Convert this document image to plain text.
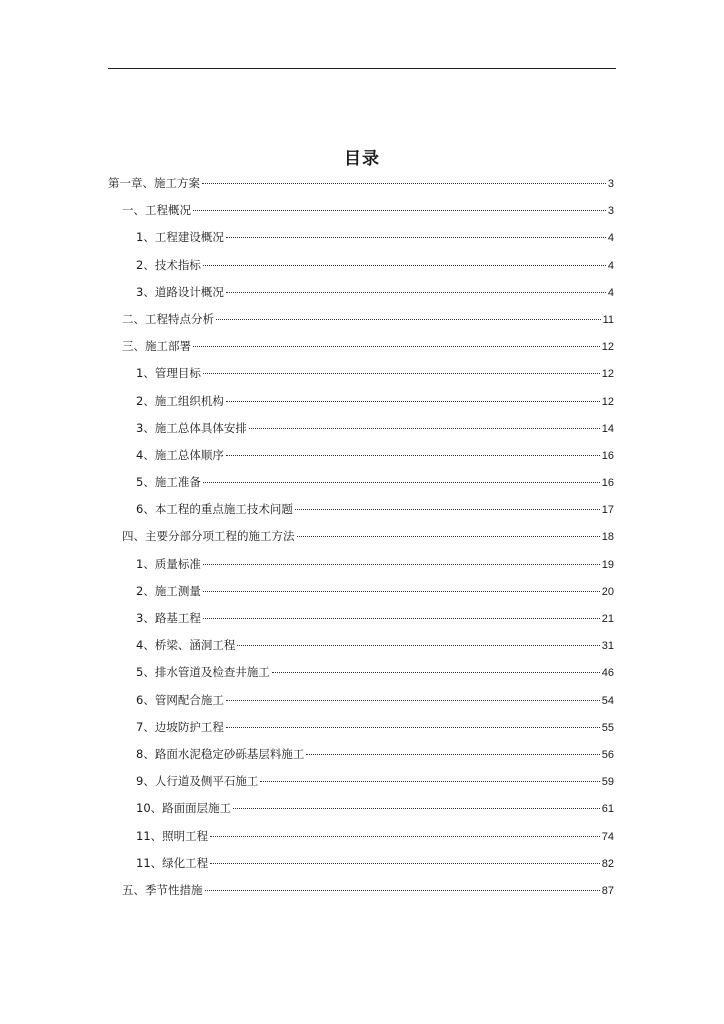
目录
第一章、施工方案	3
一、工程概况	3
1、工程建设概况	4
2、技术指标	4
3、道路设计概况	4
二、工程特点分析	11
三、施工部署	12
1、管理目标	12
2、施工组织机构	12
3、施工总体具体安排	14
4、施工总体顺序	16
5、施工准备	16
6、本工程的重点施工技术问题	17
四、主要分部分项工程的施工方法	18
1、质量标准	19
2、施工测量	20
3、路基工程	21
4、桥梁、涵洞工程	31
5、排水管道及检查井施工	46
6、管网配合施工	54
7、边坡防护工程	55
8、路面水泥稳定砂砾基层料施工	56
9、人行道及侧平石施工	59
10、路面面层施工	61
11、照明工程	74
11、绿化工程	82
五、季节性措施	87
